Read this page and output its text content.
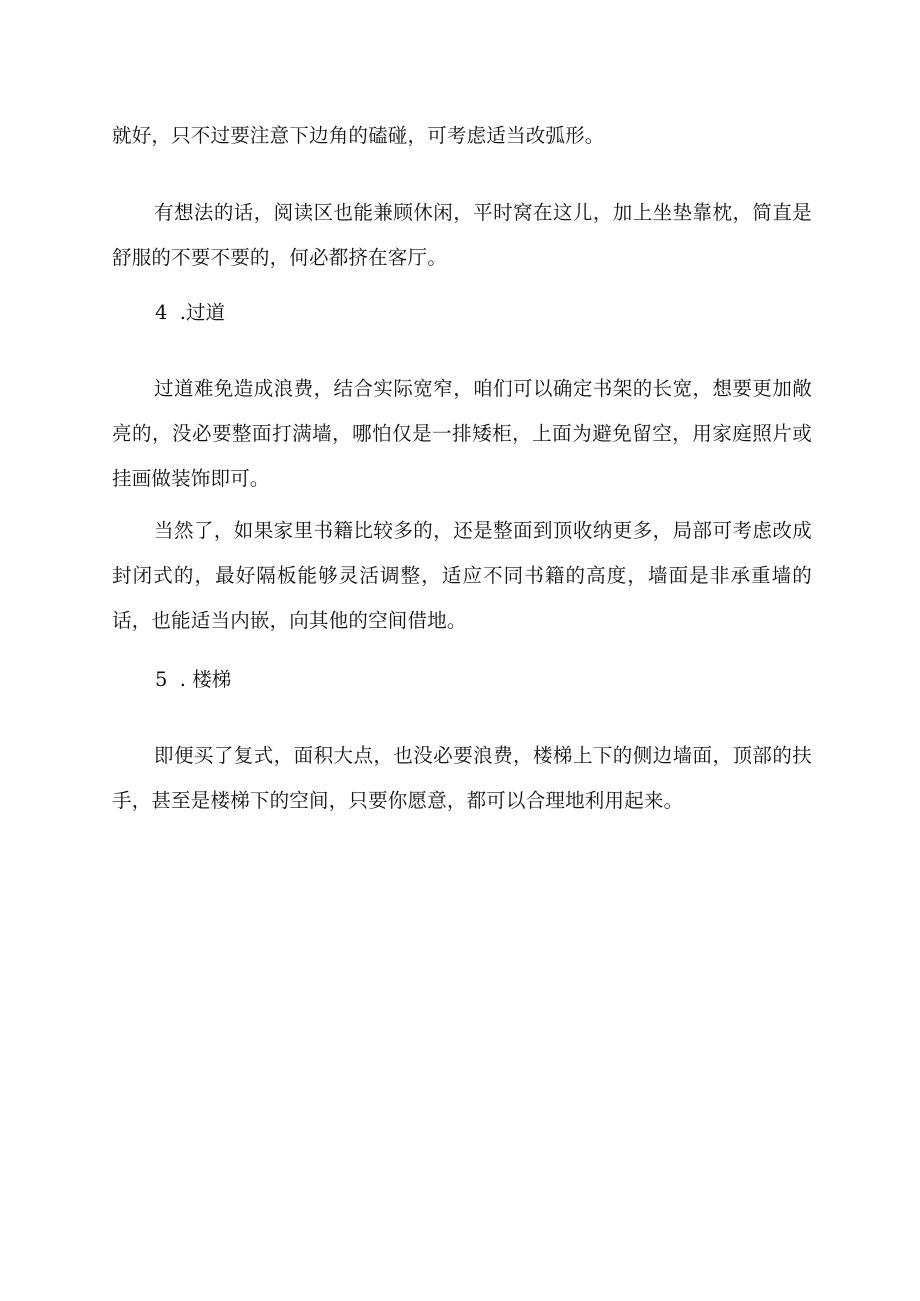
就好，只不过要注意下边角的磕碰，可考虑适当改弧形。

有想法的话，阅读区也能兼顾休闲，平时窝在这儿，加上坐垫靠枕，简直是舒服的不要不要的，何必都挤在客厅。

4  .过道

过道难免造成浪费，结合实际宽窄，咱们可以确定书架的长宽，想要更加敞亮的，没必要整面打满墙，哪怕仅是一排矮柜，上面为避免留空，用家庭照片或挂画做装饰即可。

当然了，如果家里书籍比较多的，还是整面到顶收纳更多，局部可考虑改成封闭式的，最好隔板能够灵活调整，适应不同书籍的高度，墙面是非承重墙的话，也能适当内嵌，向其他的空间借地。

5  . 楼梯

即便买了复式，面积大点，也没必要浪费，楼梯上下的侧边墙面，顶部的扶手，甚至是楼梯下的空间，只要你愿意，都可以合理地利用起来。
